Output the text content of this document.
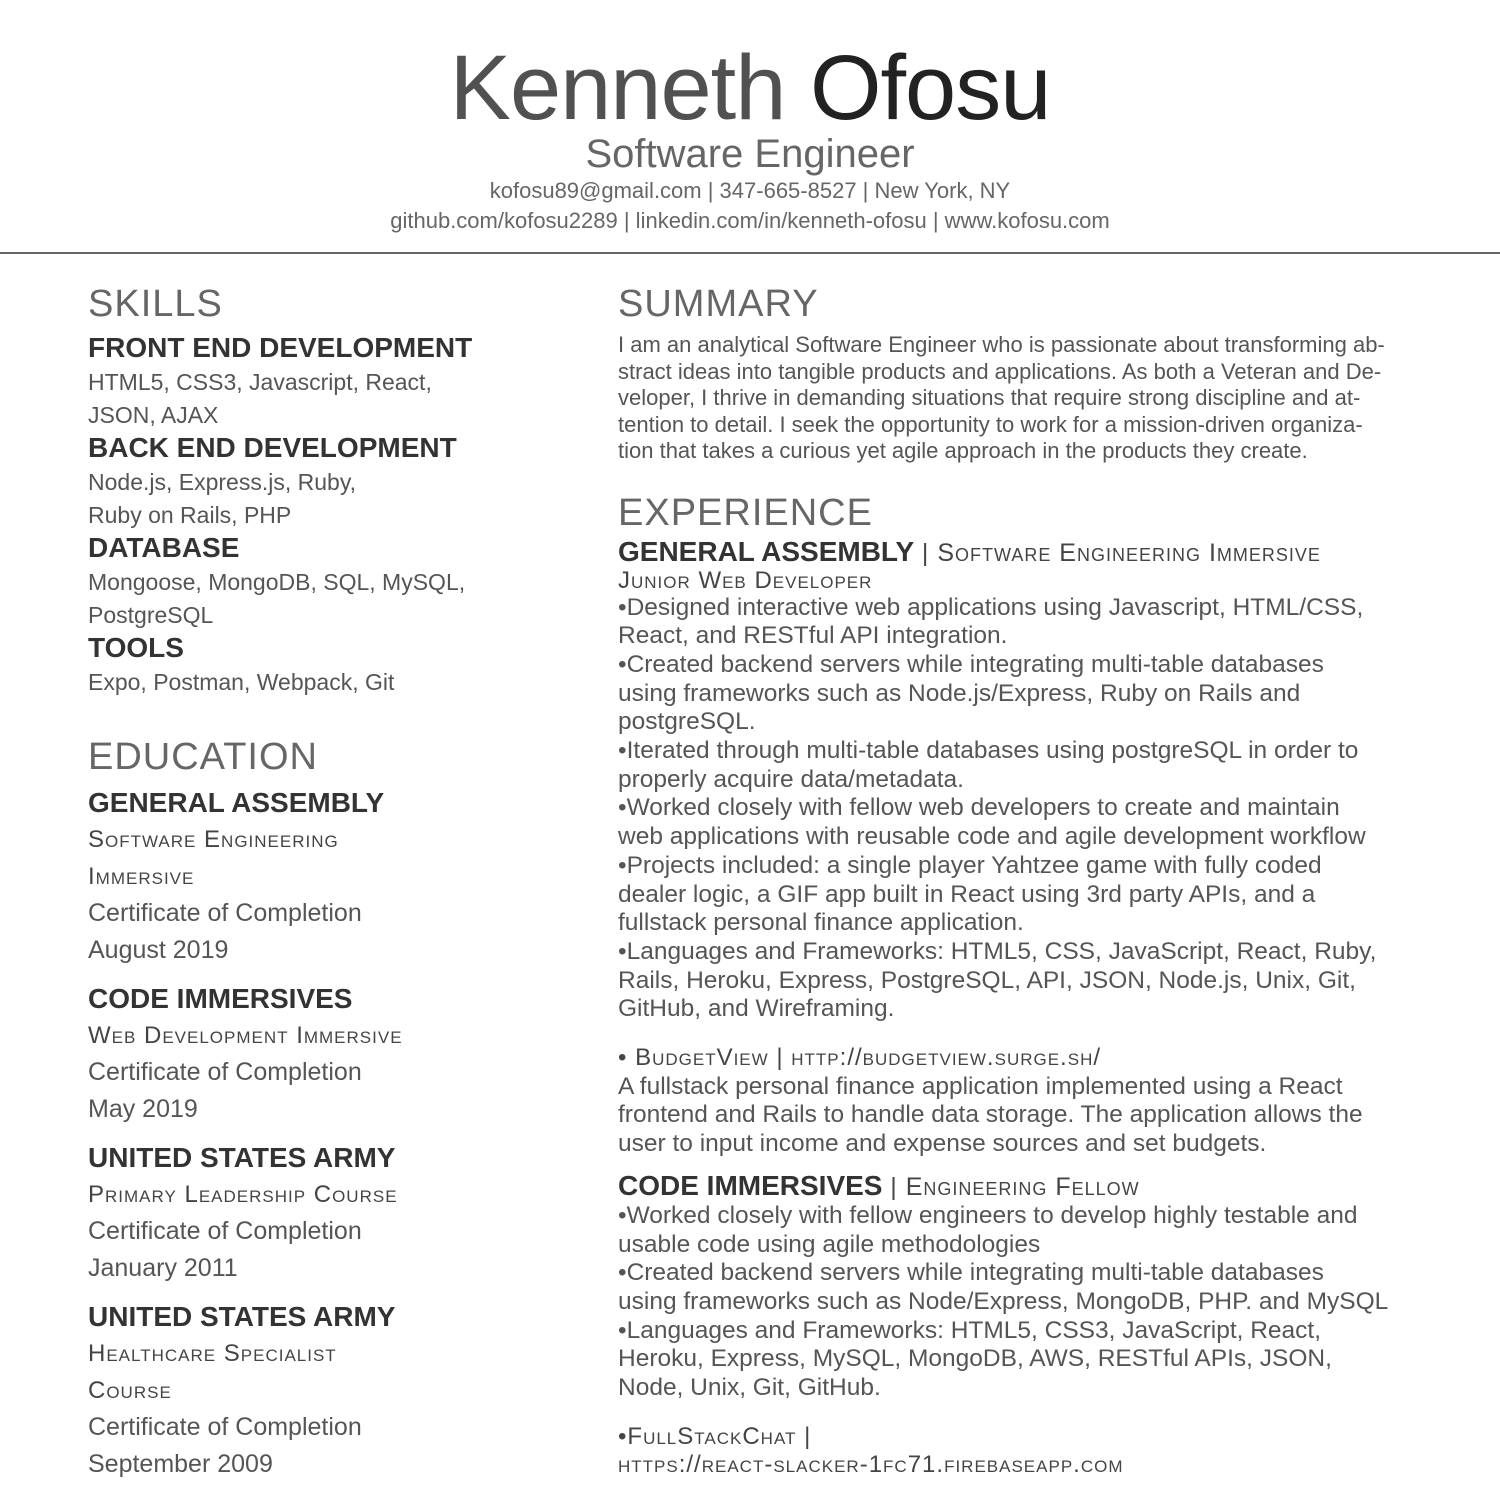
Kenneth Ofosu
Software Engineer
kofosu89@gmail.com | 347-665-8527 | New York, NY
github.com/kofosu2289 | linkedin.com/in/kenneth-ofosu | www.kofosu.com
SKILLS
FRONT END DEVELOPMENT
HTML5, CSS3, Javascript, React,
JSON, AJAX
BACK END DEVELOPMENT
Node.js, Express.js, Ruby,
Ruby on Rails, PHP
DATABASE
Mongoose, MongoDB, SQL, MySQL,
PostgreSQL
TOOLS
Expo, Postman, Webpack, Git
EDUCATION
GENERAL ASSEMBLY
Software Engineering
Immersive
Certificate of Completion
August 2019
CODE IMMERSIVES
Web Development Immersive
Certificate of Completion
May 2019
UNITED STATES ARMY
Primary Leadership Course
Certificate of Completion
January 2011
UNITED STATES ARMY
Healthcare Specialist
Course
Certificate of Completion
September 2009
SUMMARY
I am an analytical Software Engineer who is passionate about transforming ab-
stract ideas into tangible products and applications. As both a Veteran and De-
veloper, I thrive in demanding situations that require strong discipline and at-
tention to detail. I seek the opportunity to work for a mission-driven organiza-
tion that takes a curious yet agile approach in the products they create.
EXPERIENCE
GENERAL ASSEMBLY | Software Engineering Immersive
Junior Web Developer
•Designed interactive web applications using Javascript, HTML/CSS,
React, and RESTful API integration.
•Created backend servers while integrating multi-table databases
using frameworks such as Node.js/Express, Ruby on Rails and
postgreSQL.
•Iterated through multi-table databases using postgreSQL in order to
properly acquire data/metadata.
•Worked closely with fellow web developers to create and maintain
web applications with reusable code and agile development workflow
•Projects included: a single player Yahtzee game with fully coded
dealer logic, a GIF app built in React using 3rd party APIs, and a
fullstack personal finance application.
•Languages and Frameworks: HTML5, CSS, JavaScript, React, Ruby,
Rails, Heroku, Express, PostgreSQL, API, JSON, Node.js, Unix, Git,
GitHub, and Wireframing.
• BudgetView | http://budgetview.surge.sh/
A fullstack personal finance application implemented using a React
frontend and Rails to handle data storage. The application allows the
user to input income and expense sources and set budgets.
CODE IMMERSIVES | Engineering Fellow
•Worked closely with fellow engineers to develop highly testable and
usable code using agile methodologies
•Created backend servers while integrating multi-table databases
using frameworks such as Node/Express, MongoDB, PHP. and MySQL
•Languages and Frameworks: HTML5, CSS3, JavaScript, React,
Heroku, Express, MySQL, MongoDB, AWS, RESTful APIs, JSON,
Node, Unix, Git, GitHub.
•FullStackChat |
https://react-slacker-1fc71.firebaseapp.com
